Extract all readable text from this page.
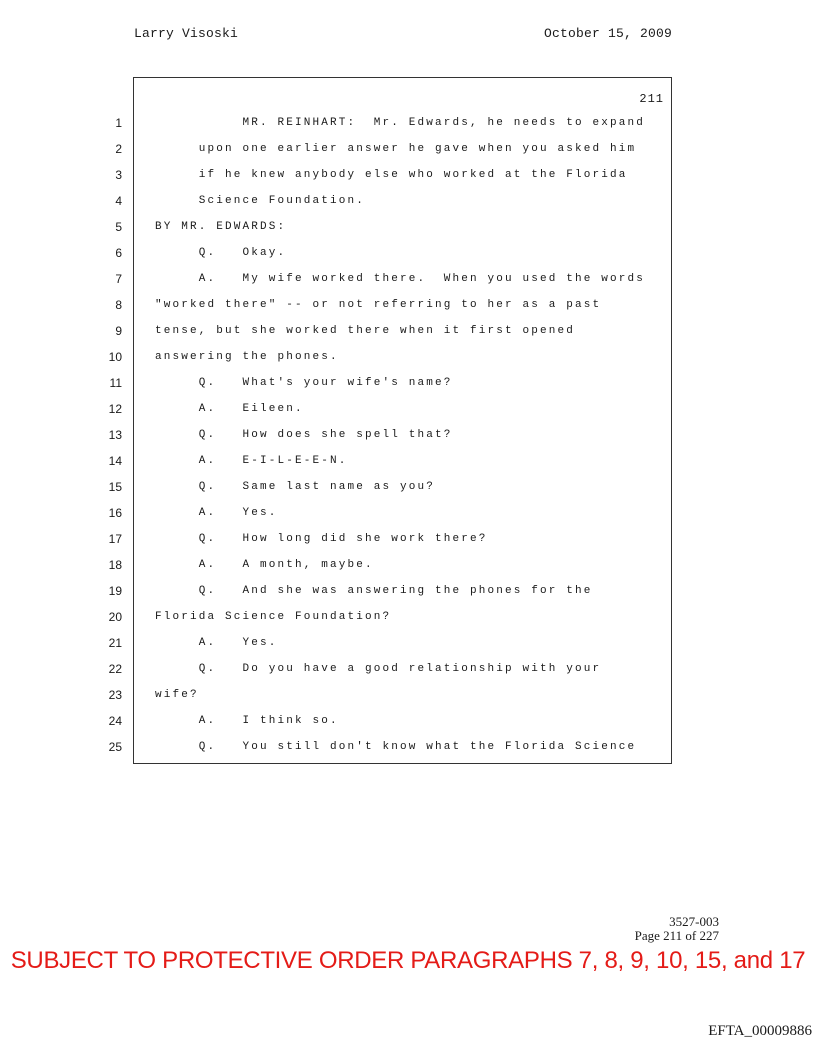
Larry Visoski	October 15, 2009
211
1
2
3
4
5
6
7
8
9
10
11
12
13
14
15
16
17
18
19
20
21
22
23
24
25
MR. REINHART:  Mr. Edwards, he needs to expand
upon one earlier answer he gave when you asked him
if he knew anybody else who worked at the Florida
Science Foundation.
BY MR. EDWARDS:
Q.   Okay.
A.   My wife worked there.  When you used the words
"worked there" -- or not referring to her as a past
tense, but she worked there when it first opened
answering the phones.
Q.   What's your wife's name?
A.   Eileen.
Q.   How does she spell that?
A.   E-I-L-E-E-N.
Q.   Same last name as you?
A.   Yes.
Q.   How long did she work there?
A.   A month, maybe.
Q.   And she was answering the phones for the
Florida Science Foundation?
A.   Yes.
Q.   Do you have a good relationship with your
wife?
A.   I think so.
Q.   You still don't know what the Florida Science
3527-003
Page 211 of 227
SUBJECT TO PROTECTIVE ORDER PARAGRAPHS 7, 8, 9, 10, 15, and 17
EFTA_00009886
